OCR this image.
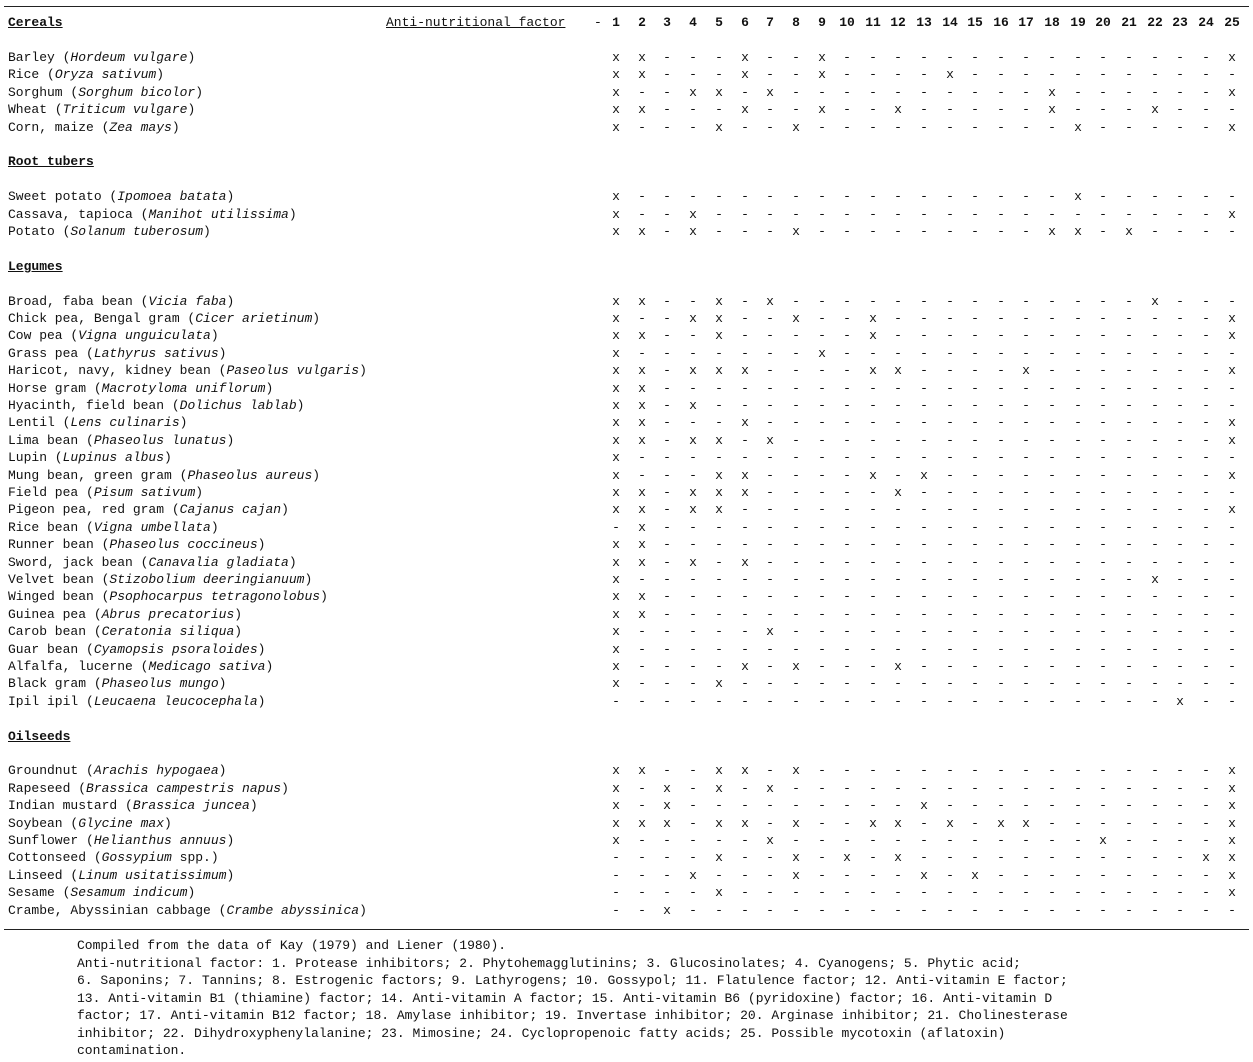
Cereals	Anti-nutritional factor - 1	2	3	4	5	6	7	8	9	10 11 12 13 14 15 16 17 18 19 20 21 22 23 24 25
Barley (Hordeum vulgare)	x	x	-	-	-	x	-	-	x	-	-	-	-	-	-	-	-	-	-	-	-	-	-	-	x
Rice (Oryza sativum)	x	x	-	-	-	x	-	-	x	-	-	-	-	x	-	-	-	-	-	-	-	-	-	-	-
Sorghum (Sorghum bicolor)	x	-	-	x	x	-	x	-	-	-	-	-	-	-	-	-	-	x	-	-	-	-	-	-	x
Wheat (Triticum vulgare)	x	x	-	-	-	x	-	-	x	-	-	x	-	-	-	-	-	x	-	-	-	x	-	-	-
Corn, maize (Zea mays)	x	-	-	-	x	-	-	x	-	-	-	-	-	-	-	-	-	-	x	-	-	-	-	-	x
Root tubers
Sweet potato (Ipomoea batata)	x	-	-	-	-	-	-	-	-	-	-	-	-	-	-	-	-	-	x	-	-	-	-	-	-
Cassava, tapioca (Manihot utilissima)	x	-	-	x	-	-	-	-	-	-	-	-	-	-	-	-	-	-	-	-	-	-	-	-	x
Potato (Solanum tuberosum)	x	x	-	x	-	-	-	x	-	-	-	-	-	-	-	-	-	x	x	-	x	-	-	-	-
Legumes
Broad, faba bean (Vicia faba)	x	x	-	-	x	-	x	-	-	-	-	-	-	-	-	-	-	-	-	-	-	x	-	-	-
Chick pea, Bengal gram (Cicer arietinum)	x	-	-	x	x	-	-	x	-	-	x	-	-	-	-	-	-	-	-	-	-	-	-	-	x
Cow pea (Vigna unguiculata)	x	x	-	-	x	-	-	-	-	-	x	-	-	-	-	-	-	-	-	-	-	-	-	-	x
Grass pea (Lathyrus sativus)	x	-	-	-	-	-	-	-	x	-	-	-	-	-	-	-	-	-	-	-	-	-	-	-	-
Haricot, navy, kidney bean (Paseolus vulgaris)	x	x	-	x	x	x	-	-	-	-	x	x	-	-	-	-	x	-	-	-	-	-	-	-	x
Horse gram (Macrotyloma uniflorum)	x	x	-	-	-	-	-	-	-	-	-	-	-	-	-	-	-	-	-	-	-	-	-	-	-
Hyacinth, field bean (Dolichus lablab)	x	x	-	x	-	-	-	-	-	-	-	-	-	-	-	-	-	-	-	-	-	-	-	-	-
Lentil (Lens culinaris)	x	x	-	-	-	x	-	-	-	-	-	-	-	-	-	-	-	-	-	-	-	-	-	-	x
Lima bean (Phaseolus lunatus)	x	x	-	x	x	-	x	-	-	-	-	-	-	-	-	-	-	-	-	-	-	-	-	-	x
Lupin (Lupinus albus)	x	-	-	-	-	-	-	-	-	-	-	-	-	-	-	-	-	-	-	-	-	-	-	-	-
Mung bean, green gram (Phaseolus aureus)	x	-	-	-	x	x	-	-	-	-	x	-	x	-	-	-	-	-	-	-	-	-	-	-	x
Field pea (Pisum sativum)	x	x	-	x	x	x	-	-	-	-	-	x	-	-	-	-	-	-	-	-	-	-	-	-	-
Pigeon pea, red gram (Cajanus cajan)	x	x	-	x	x	-	-	-	-	-	-	-	-	-	-	-	-	-	-	-	-	-	-	-	x
Rice bean (Vigna umbellata)	-	x	-	-	-	-	-	-	-	-	-	-	-	-	-	-	-	-	-	-	-	-	-	-	-
Runner bean (Phaseolus coccineus)	x	x	-	-	-	-	-	-	-	-	-	-	-	-	-	-	-	-	-	-	-	-	-	-	-
Sword, jack bean (Canavalia gladiata)	x	x	-	x	-	x	-	-	-	-	-	-	-	-	-	-	-	-	-	-	-	-	-	-	-
Velvet bean (Stizobolium deeringianuum)	x	-	-	-	-	-	-	-	-	-	-	-	-	-	-	-	-	-	-	-	-	x	-	-	-
Winged bean (Psophocarpus tetragonolobus)	x	x	-	-	-	-	-	-	-	-	-	-	-	-	-	-	-	-	-	-	-	-	-	-	-
Guinea pea (Abrus precatorius)	x	x	-	-	-	-	-	-	-	-	-	-	-	-	-	-	-	-	-	-	-	-	-	-	-
Carob bean (Ceratonia siliqua)	x	-	-	-	-	-	x	-	-	-	-	-	-	-	-	-	-	-	-	-	-	-	-	-	-
Guar bean (Cyamopsis psoraloides)	x	-	-	-	-	-	-	-	-	-	-	-	-	-	-	-	-	-	-	-	-	-	-	-	-
Alfalfa, lucerne (Medicago sativa)	x	-	-	-	-	x	-	x	-	-	-	x	-	-	-	-	-	-	-	-	-	-	-	-	-
Black gram (Phaseolus mungo)	x	-	-	-	x	-	-	-	-	-	-	-	-	-	-	-	-	-	-	-	-	-	-	-	-
Ipil ipil (Leucaena leucocephala)	-	-	-	-	-	-	-	-	-	-	-	-	-	-	-	-	-	-	-	-	-	-	x	-	-
Oilseeds
Groundnut (Arachis hypogaea)	x	x	-	-	x	x	-	x	-	-	-	-	-	-	-	-	-	-	-	-	-	-	-	-	x
Rapeseed (Brassica campestris napus)	x	-	x	-	x	-	x	-	-	-	-	-	-	-	-	-	-	-	-	-	-	-	-	-	x
Indian mustard (Brassica juncea)	x	-	x	-	-	-	-	-	-	-	-	-	x	-	-	-	-	-	-	-	-	-	-	-	x
Soybean (Glycine max)	x	x	x	-	x	x	-	x	-	-	x	x	-	x	-	x	x	-	-	-	-	-	-	-	x
Sunflower (Helianthus annuus)	x	-	-	-	-	-	x	-	-	-	-	-	-	-	-	-	-	-	-	x	-	-	-	-	x
Cottonseed (Gossypium spp.)	-	-	-	-	x	-	-	x	-	x	-	x	-	-	-	-	-	-	-	-	-	-	-	x	x
Linseed (Linum usitatissimum)	-	-	-	x	-	-	-	x	-	-	-	-	x	-	x	-	-	-	-	-	-	-	-	-	x
Sesame (Sesamum indicum)	-	-	-	-	x	-	-	-	-	-	-	-	-	-	-	-	-	-	-	-	-	-	-	-	x
Crambe, Abyssinian cabbage (Crambe abyssinica)	-	-	x	-	-	-	-	-	-	-	-	-	-	-	-	-	-	-	-	-	-	-	-	-	-
Compiled from the data of Kay (1979) and Liener (1980).
Anti-nutritional factor: 1. Protease inhibitors; 2. Phytohemagglutinins; 3. Glucosinolates; 4. Cyanogens; 5. Phytic acid;
6. Saponins; 7. Tannins; 8. Estrogenic factors; 9. Lathyrogens; 10. Gossypol; 11. Flatulence factor; 12. Anti-vitamin E factor;
13. Anti-vitamin B1 (thiamine) factor; 14. Anti-vitamin A factor; 15. Anti-vitamin B6 (pyridoxine) factor; 16. Anti-vitamin D
factor; 17. Anti-vitamin B12 factor; 18. Amylase inhibitor; 19. Invertase inhibitor; 20. Arginase inhibitor; 21. Cholinesterase
inhibitor; 22. Dihydroxyphenylalanine; 23. Mimosine; 24. Cyclopropenoic fatty acids; 25. Possible mycotoxin (aflatoxin)
contamination.
